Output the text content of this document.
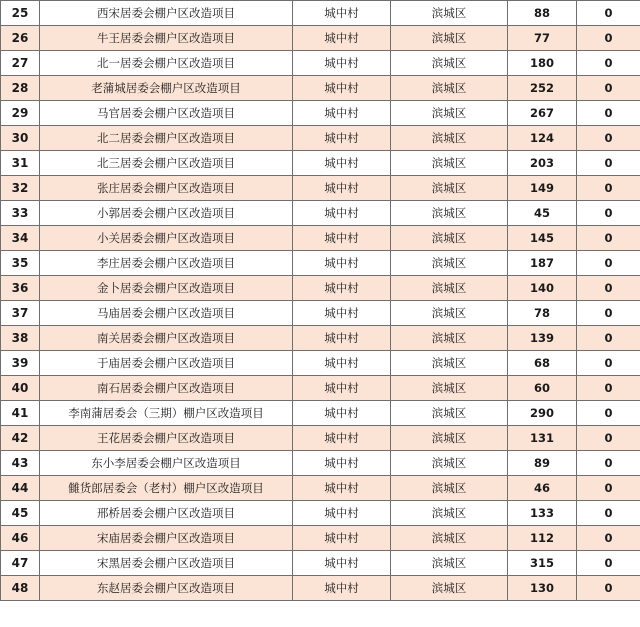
25	西宋居委会棚户区改造项目	城中村	滨城区	88	0
26	牛王居委会棚户区改造项目	城中村	滨城区	77	0
27	北一居委会棚户区改造项目	城中村	滨城区	180	0
28	老蒲城居委会棚户区改造项目	城中村	滨城区	252	0
29	马官居委会棚户区改造项目	城中村	滨城区	267	0
30	北二居委会棚户区改造项目	城中村	滨城区	124	0
31	北三居委会棚户区改造项目	城中村	滨城区	203	0
32	张庄居委会棚户区改造项目	城中村	滨城区	149	0
33	小郭居委会棚户区改造项目	城中村	滨城区	45	0
34	小关居委会棚户区改造项目	城中村	滨城区	145	0
35	李庄居委会棚户区改造项目	城中村	滨城区	187	0
36	金卜居委会棚户区改造项目	城中村	滨城区	140	0
37	马庙居委会棚户区改造项目	城中村	滨城区	78	0
38	南关居委会棚户区改造项目	城中村	滨城区	139	0
39	于庙居委会棚户区改造项目	城中村	滨城区	68	0
40	南石居委会棚户区改造项目	城中村	滨城区	60	0
41	李南蒲居委会（三期）棚户区改造项目	城中村	滨城区	290	0
42	王花居委会棚户区改造项目	城中村	滨城区	131	0
43	东小李居委会棚户区改造项目	城中村	滨城区	89	0
44	雠货郎居委会（老村）棚户区改造项目	城中村	滨城区	46	0
45	邢桥居委会棚户区改造项目	城中村	滨城区	133	0
46	宋庙居委会棚户区改造项目	城中村	滨城区	112	0
47	宋黑居委会棚户区改造项目	城中村	滨城区	315	0
48	东赵居委会棚户区改造项目	城中村	滨城区	130	0
